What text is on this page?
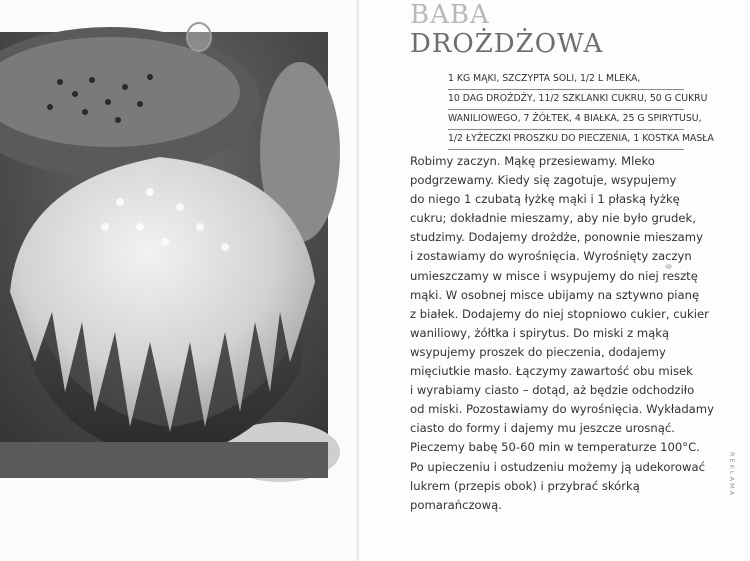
BABA
DROŻDŻOWA
1 KG MĄKI, SZCZYPTA SOLI, 1/2 L MLEKA,
10 DAG DROŻDŻY, 11/2 SZKLANKI CUKRU, 50 G CUKRU
WANILIOWEGO, 7 ŻÓŁTEK, 4 BIAŁKA, 25 G SPIRYTUSU,
1/2 ŁYŻECZKI PROSZKU DO PIECZENIA, 1 KOSTKA MASŁA
Robimy zaczyn. Mąkę przesiewamy. Mleko
podgrzewamy. Kiedy się zagotuje, wsypujemy
do niego 1 czubatą łyżkę mąki i 1 płaską łyżkę
cukru; dokładnie mieszamy, aby nie było grudek,
studzimy. Dodajemy drożdże, ponownie mieszamy
i zostawiamy do wyrośnięcia. Wyrośnięty zaczyn
umieszczamy w misce i wsypujemy do niej resztę
mąki. W osobnej misce ubijamy na sztywno pianę
z białek. Dodajemy do niej stopniowo cukier, cukier
waniliowy, żółtka i spirytus. Do miski z mąką
wsypujemy proszek do pieczenia, dodajemy
mięciutkie masło. Łączymy zawartość obu misek
i wyrabiamy ciasto – dotąd, aż będzie odchodziło
od miski. Pozostawiamy do wyrośnięcia. Wykładamy
ciasto do formy i dajemy mu jeszcze urosnąć.
Pieczemy babę 50-60 min w temperaturze 100°C.
Po upieczeniu i ostudzeniu możemy ją udekorować
lukrem (przepis obok) i przybrać skórką
pomarańczową.
REKLAMA
